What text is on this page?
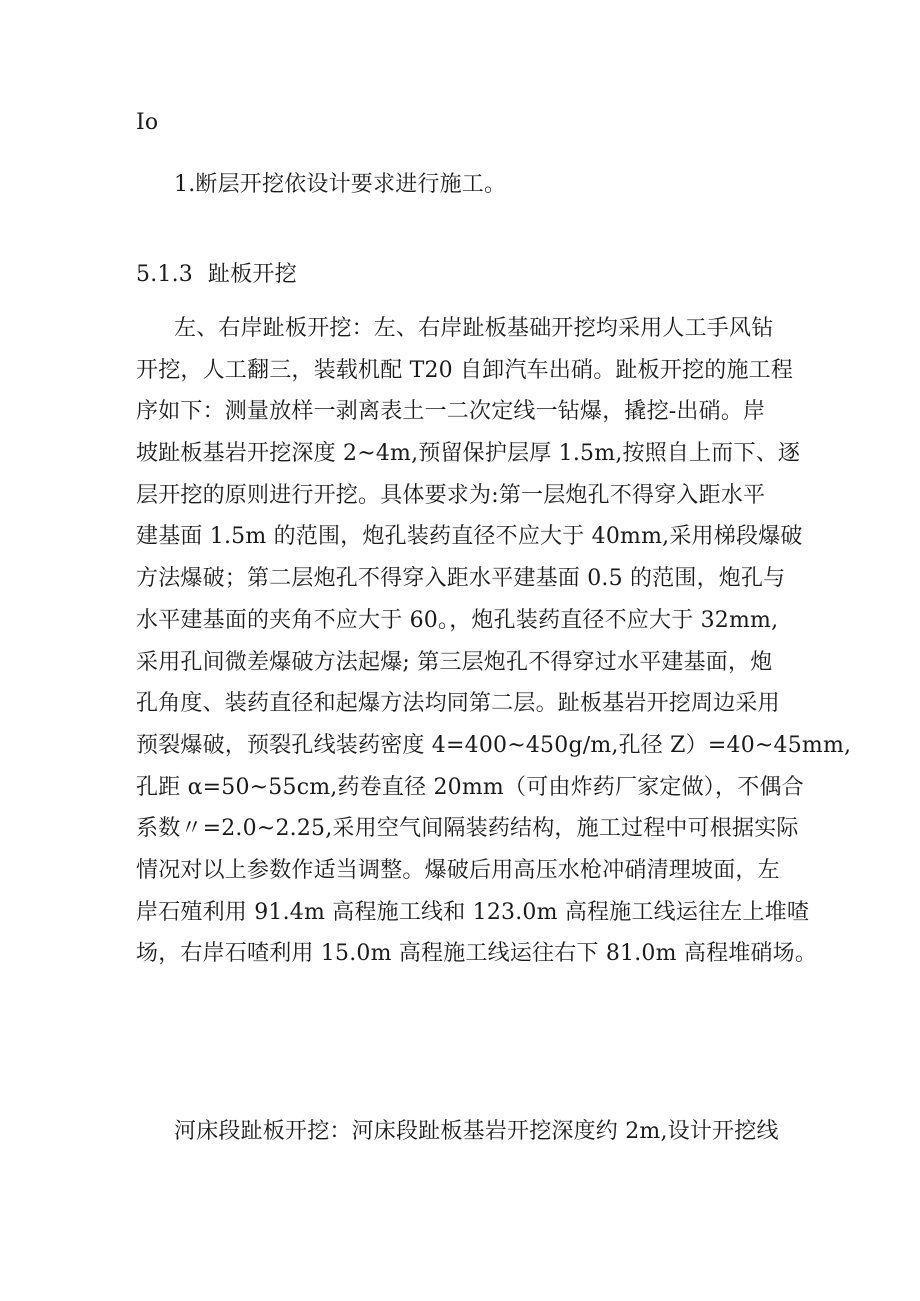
Io
1.断层开挖依设计要求进行施工。
5.1.3 趾板开挖
左、右岸趾板开挖：左、右岸趾板基础开挖均采用人工手风钻
开挖，人工翻三，装载机配 T20 自卸汽车出硝。趾板开挖的施工程
序如下：测量放样一剥离表土一二次定线一钻爆，撬挖-出硝。岸
坡趾板基岩开挖深度 2~4m,预留保护层厚 1.5m,按照自上而下、逐
层开挖的原则进行开挖。具体要求为:第一层炮孔不得穿入距水平
建基面 1.5m 的范围，炮孔装药直径不应大于 40mm,采用梯段爆破
方法爆破；第二层炮孔不得穿入距水平建基面 0.5 的范围，炮孔与
水平建基面的夹角不应大于 60。，炮孔装药直径不应大于 32mm,
采用孔间微差爆破方法起爆; 第三层炮孔不得穿过水平建基面，炮
孔角度、装药直径和起爆方法均同第二层。趾板基岩开挖周边采用
预裂爆破，预裂孔线装药密度 4=400~450g∕m,孔径 Z）=40~45mm,
孔距 α=50~55cm,药卷直径 20mm（可由炸药厂家定做），不偶合
系数〃=2.0~2.25,采用空气间隔装药结构，施工过程中可根据实际
情况对以上参数作适当调整。爆破后用高压水枪冲硝清理坡面，左
岸石殖利用 91.4m 高程施工线和 123.0m 高程施工线运往左上堆喳
场，右岸石喳利用 15.0m 高程施工线运往右下 81.0m 高程堆硝场。
河床段趾板开挖：河床段趾板基岩开挖深度约 2m,设计开挖线
